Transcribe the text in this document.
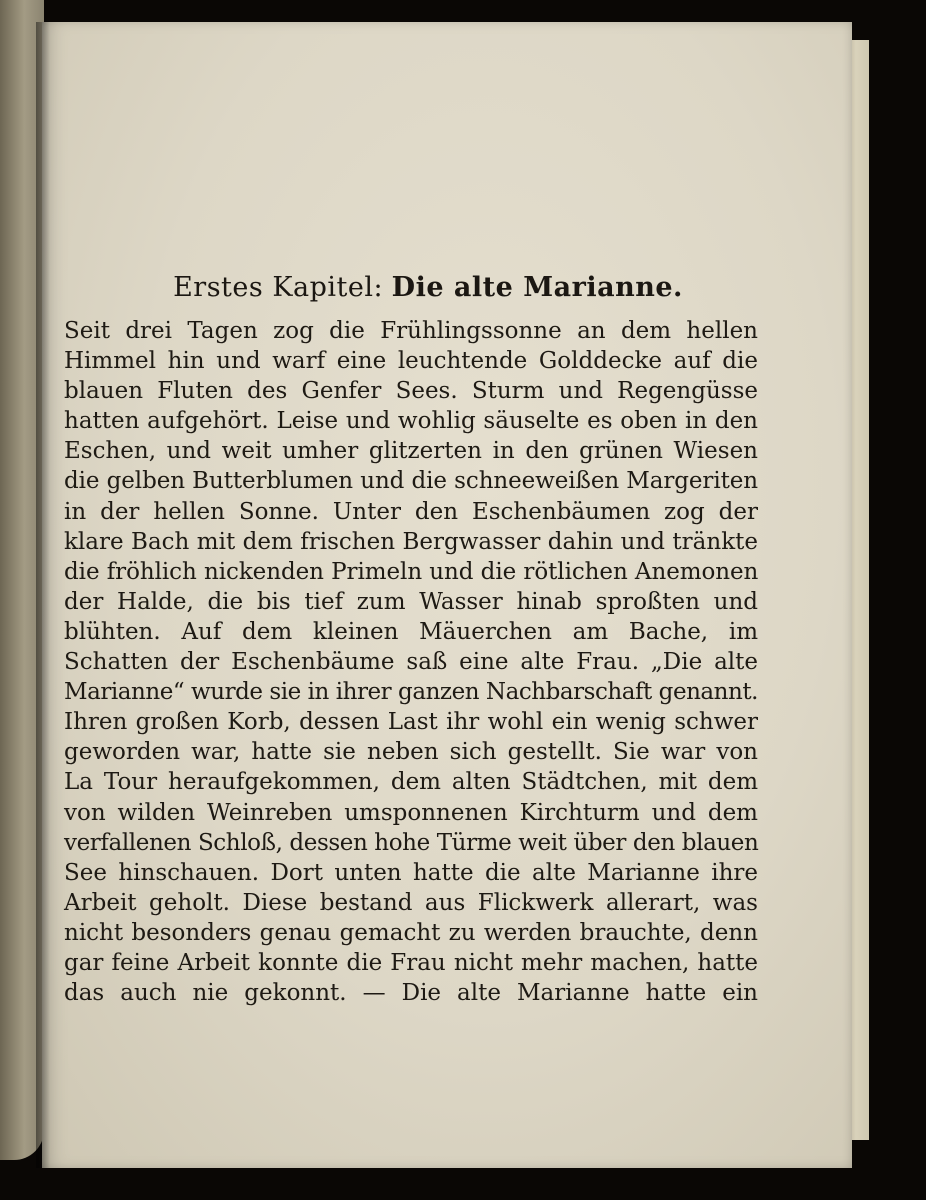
Erstes Kapitel: Die alte Marianne.
Seit drei Tagen zog die Frühlingssonne an dem hellen
Himmel hin und warf eine leuchtende Golddecke auf die
blauen Fluten des Genfer Sees. Sturm und Regengüsse
hatten aufgehört. Leise und wohlig säuselte es oben in den
Eschen, und weit umher glitzerten in den grünen Wiesen
die gelben Butterblumen und die schneeweißen Margeriten
in der hellen Sonne. Unter den Eschenbäumen zog der
klare Bach mit dem frischen Bergwasser dahin und tränkte
die fröhlich nickenden Primeln und die rötlichen Anemonen
der Halde, die bis tief zum Wasser hinab sproßten und
blühten. Auf dem kleinen Mäuerchen am Bache, im
Schatten der Eschenbäume saß eine alte Frau. „Die alte
Marianne“ wurde sie in ihrer ganzen Nachbarschaft genannt.
Ihren großen Korb, dessen Last ihr wohl ein wenig schwer
geworden war, hatte sie neben sich gestellt. Sie war von
La Tour heraufgekommen, dem alten Städtchen, mit dem
von wilden Weinreben umsponnenen Kirchturm und dem
verfallenen Schloß, dessen hohe Türme weit über den blauen
See hinschauen. Dort unten hatte die alte Marianne ihre
Arbeit geholt. Diese bestand aus Flickwerk allerart, was
nicht besonders genau gemacht zu werden brauchte, denn
gar feine Arbeit konnte die Frau nicht mehr machen, hatte
das auch nie gekonnt. — Die alte Marianne hatte ein
